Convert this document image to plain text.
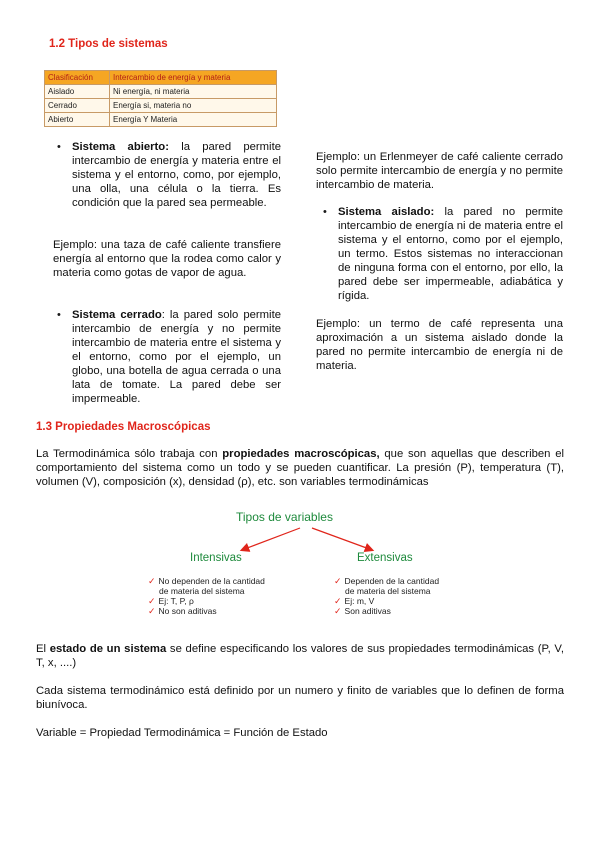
1.2 Tipos de sistemas
Clasificación	Intercambio de energía y materia
Aislado	Ni energía, ni materia
Cerrado	Energía si, materia no
Abierto	Energía Y Materia
• Sistema abierto: la pared permite intercambio de energía y materia entre el sistema y el entorno, como, por ejemplo, una olla, una célula o la tierra. Es condición que la pared sea permeable.
Ejemplo: una taza de café caliente transfiere energía al entorno que la rodea como calor y materia como gotas de vapor de agua.
• Sistema cerrado: la pared solo permite intercambio de energía y no permite intercambio de materia entre el sistema y el entorno, como por el ejemplo, un globo, una botella de agua cerrada o una lata de tomate. La pared debe ser impermeable.
Ejemplo: un Erlenmeyer de café caliente cerrado solo permite intercambio de energía y no permite intercambio de materia.
• Sistema aislado: la pared no permite intercambio de energía ni de materia entre el sistema y el entorno, como por el ejemplo, un termo. Estos sistemas no interaccionan de ninguna forma con el entorno, por ello, la pared debe ser impermeable, adiabática y rígida.
Ejemplo: un termo de café representa una aproximación a un sistema aislado donde la pared no permite intercambio de energía ni de materia.
1.3 Propiedades Macroscópicas
La Termodinámica sólo trabaja con propiedades macroscópicas, que son aquellas que describen el comportamiento del sistema como un todo y se pueden cuantificar. La presión (P), temperatura (T), volumen (V), composición (x), densidad (ρ), etc. son variables termodinámicas
Tipos de variables
Intensivas	Extensivas
✓ No dependen de la cantidad
de materia del sistema
✓ Ej: T, P, ρ
✓ No son aditivas
✓ Dependen de la cantidad
de materia del sistema
✓ Ej: m, V
✓ Son aditivas
El estado de un sistema se define especificando los valores de sus propiedades termodinámicas (P, V, T, x, ....)
Cada sistema termodinámico está definido por un numero y finito de variables que lo definen de forma biunívoca.
Variable = Propiedad Termodinámica = Función de Estado
